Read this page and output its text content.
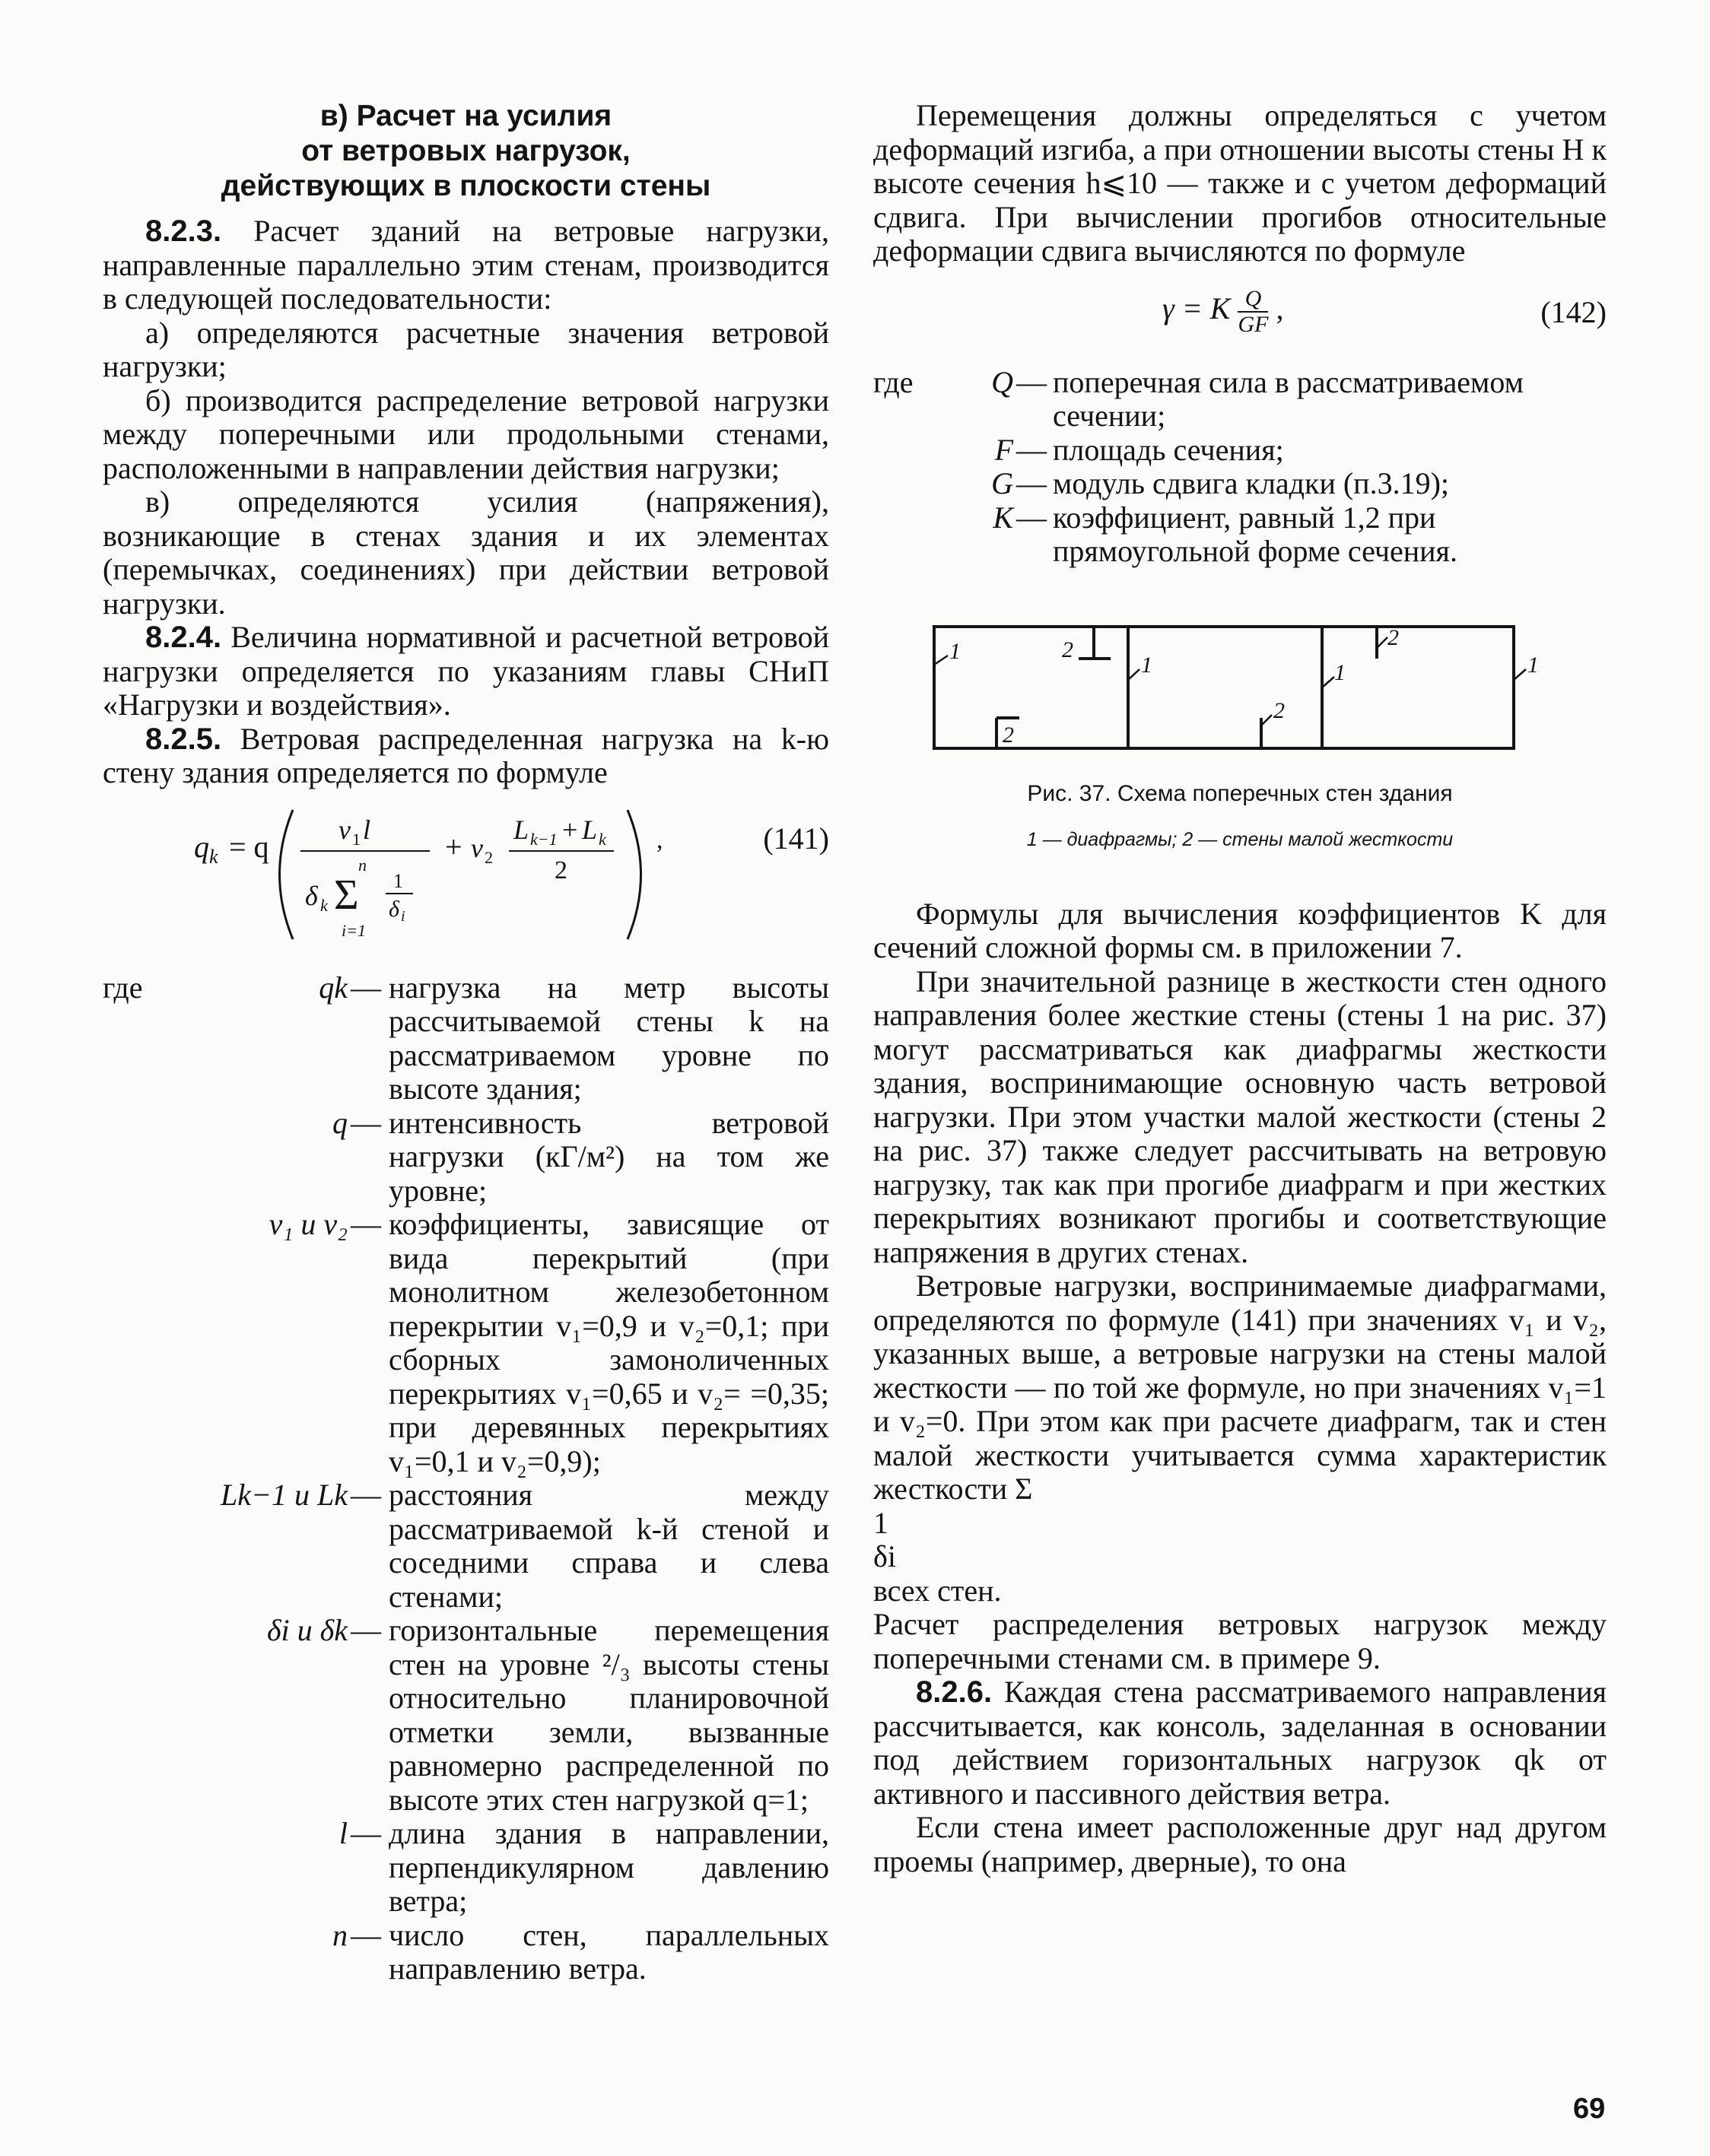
в) Расчет на усилия
от ветровых нагрузок,
действующих в плоскости стены

8.2.3. Расчет зданий на ветровые нагрузки, направленные параллельно этим стенам, производится в следующей последовательности:

а) определяются расчетные значения ветровой нагрузки;

б) производится распределение ветровой нагрузки между поперечными или продольными стенами, расположенными в направлении действия нагрузки;

в) определяются усилия (напряжения), возникающие в стенах здания и их элементах (перемычках, соединениях) при действии ветровой нагрузки.

8.2.4. Величина нормативной и расчетной ветровой нагрузки определяется по указаниям главы СНиП «Нагрузки и воздействия».

8.2.5. Ветровая распределенная нагрузка на k-ю стену здания определяется по формуле

q k = q	v 1 l
n
δ k Σ
i=1
1
δ i
+ v 2
L k−1 + L k
2
,	(141)
где	qk — нагрузка на метр высоты рассчитываемой стены k на рассматриваемом уровне по высоте здания;
q — интенсивность ветровой нагрузки (кГ/м²) на том же уровне;
v₁ и v₂ — коэффициенты, зависящие от вида перекрытий (при монолитном железобетонном перекрытии v₁=0,9 и v₂=0,1; при сборных замоноличенных перекрытиях v₁=0,65 и v₂= =0,35; при деревянных перекрытиях v₁=0,1 и v₂=0,9);
Lk−1 и Lk — расстояния между рассматриваемой k-й стеной и соседними справа и слева стенами;
δi и δk — горизонтальные перемещения стен на уровне ²/₃ высоты стены относительно планировочной отметки земли, вызванные равномерно распределенной по высоте этих стен нагрузкой q=1;
l — длина здания в направлении, перпендикулярном давлению ветра;
n — число стен, параллельных направлению ветра.

Перемещения должны определяться с учетом деформаций изгиба, а при отношении высоты стены H к высоте сечения h⩽10 — также и с учетом деформаций сдвига. При вычислении прогибов относительные деформации сдвига вычисляются по формуле

γ = K $\frac{Q}{GF}$ ,	(142)
где	Q — поперечная сила в рассматриваемом сечении;
F — площадь сечения;
G — модуль сдвига кладки (п.3.19);
K — коэффициент, равный 1,2 при прямоугольной форме сечения.
1	2
2
1
2
1
2
1
Рис. 37. Схема поперечных стен здания
1 — диафрагмы; 2 — стены малой жесткости

Формулы для вычисления коэффициентов K для сечений сложной формы см. в приложении 7.

При значительной разнице в жесткости стен одного направления более жесткие стены (стены 1 на рис. 37) могут рассматриваться как диафрагмы жесткости здания, воспринимающие основную часть ветровой нагрузки. При этом участки малой жесткости (стены 2 на рис. 37) также следует рассчитывать на ветровую нагрузку, так как при прогибе диафрагм и при жестких перекрытиях возникают прогибы и соответствующие напряжения в других стенах.

Ветровые нагрузки, воспринимаемые диафрагмами, определяются по формуле (141) при значениях v₁ и v₂, указанных выше, а ветровые нагрузки на стены малой жесткости — по той же формуле, но при значениях v₁=1 и v₂=0. При этом как при расчете диафрагм, так и стен малой жесткости учитывается сумма характеристик жесткости Σ

1
δi
всех стен.

Расчет распределения ветровых нагрузок между поперечными стенами см. в примере 9.

8.2.6. Каждая стена рассматриваемого направления рассчитывается, как консоль, заделанная в основании под действием горизонтальных нагрузок qk от активного и пассивного действия ветра.

Если стена имеет расположенные друг над другом проемы (например, дверные), то она

69
